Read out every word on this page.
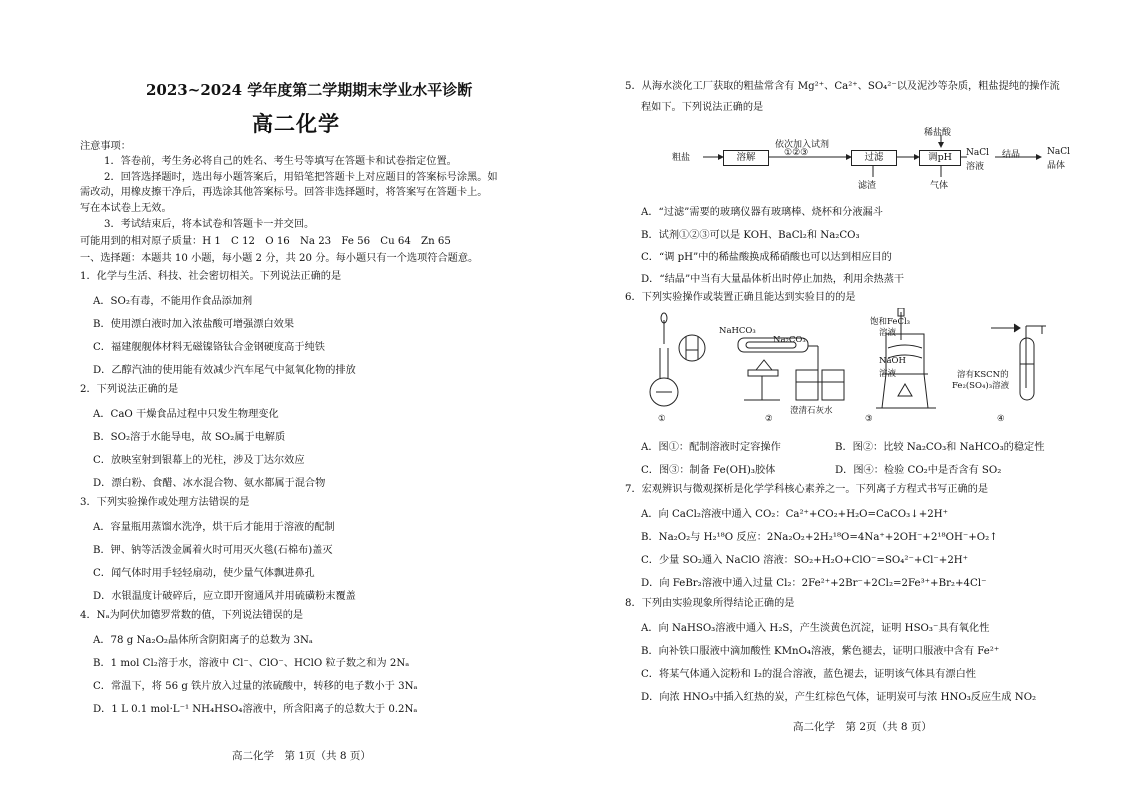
2023~2024 学年度第二学期期末学业水平诊断
高二化学
注意事项：
1．答卷前，考生务必将自己的姓名、考生号等填写在答题卡和试卷指定位置。
2．回答选择题时，选出每小题答案后，用铅笔把答题卡上对应题目的答案标号涂黑。如
需改动，用橡皮擦干净后，再选涂其他答案标号。回答非选择题时，将答案写在答题卡上。
写在本试卷上无效。
3．考试结束后，将本试卷和答题卡一并交回。
可能用到的相对原子质量：H 1　C 12　O 16　Na 23　Fe 56　Cu 64　Zn 65
一、选择题：本题共 10 小题，每小题 2 分，共 20 分。每小题只有一个选项符合题意。
1．化学与生活、科技、社会密切相关。下列说法正确的是
A．SO₂有毒，不能用作食品添加剂
B．使用漂白液时加入浓盐酸可增强漂白效果
C．福建舰舰体材料无磁镍铬钛合金钢硬度高于纯铁
D．乙醇汽油的使用能有效减少汽车尾气中氮氧化物的排放
2．下列说法正确的是
A．CaO 干燥食品过程中只发生物理变化
B．SO₂溶于水能导电，故 SO₂属于电解质
C．放映室射到银幕上的光柱，涉及丁达尔效应
D．漂白粉、食醋、冰水混合物、氨水都属于混合物
3．下列实验操作或处理方法错误的是
A．容量瓶用蒸馏水洗净，烘干后才能用于溶液的配制
B．钾、钠等活泼金属着火时可用灭火毯(石棉布)盖灭
C．闻气体时用手轻轻扇动，使少量气体飘进鼻孔
D．水银温度计破碎后，应立即开窗通风并用硫磺粉末覆盖
4．Nₐ为阿伏加德罗常数的值，下列说法错误的是
A．78 g Na₂O₂晶体所含阴阳离子的总数为 3Nₐ
B．1 mol Cl₂溶于水，溶液中 Cl⁻、ClO⁻、HClO 粒子数之和为 2Nₐ
C．常温下，将 56 g 铁片放入过量的浓硫酸中，转移的电子数小于 3Nₐ
D．1 L 0.1 mol·L⁻¹ NH₄HSO₄溶液中，所含阳离子的总数大于 0.2Nₐ
高二化学　第 1页（共 8 页）
5．从海水淡化工厂获取的粗盐常含有 Mg²⁺、Ca²⁺、SO₄²⁻以及泥沙等杂质，粗盐提纯的操作流
程如下。下列说法正确的是
粗盐	溶解
依次加入试剂
①②③	过滤
滤渣
稀盐酸
调pH
气体
NaCl
溶液
结晶	NaCl
晶体
A．“过滤”需要的玻璃仪器有玻璃棒、烧杯和分液漏斗
B．试剂①②③可以是 KOH、BaCl₂和 Na₂CO₃
C．“调 pH”中的稀盐酸换成稀硝酸也可以达到相应目的
D．“结晶”中当有大量晶体析出时停止加热，利用余热蒸干
6．下列实验操作或装置正确且能达到实验目的的是
NaHCO₃
Na₂CO₃
澄清石灰水
饱和FeCl₃
溶液
NaOH
溶液	溶有KSCN的
Fe₂(SO₄)₃溶液
①	②	③	④
A．图①：配制溶液时定容操作	B．图②：比较 Na₂CO₃和 NaHCO₃的稳定性
C．图③：制备 Fe(OH)₃胶体	D．图④：检验 CO₂中是否含有 SO₂
7．宏观辨识与微观探析是化学学科核心素养之一。下列离子方程式书写正确的是
A．向 CaCl₂溶液中通入 CO₂：Ca²⁺+CO₂+H₂O=CaCO₃↓+2H⁺
B．Na₂O₂与 H₂¹⁸O 反应：2Na₂O₂+2H₂¹⁸O=4Na⁺+2OH⁻+2¹⁸OH⁻+O₂↑
C．少量 SO₂通入 NaClO 溶液：SO₂+H₂O+ClO⁻=SO₄²⁻+Cl⁻+2H⁺
D．向 FeBr₂溶液中通入过量 Cl₂：2Fe²⁺+2Br⁻+2Cl₂=2Fe³⁺+Br₂+4Cl⁻
8．下列由实验现象所得结论正确的是
A．向 NaHSO₃溶液中通入 H₂S，产生淡黄色沉淀，证明 HSO₃⁻具有氧化性
B．向补铁口服液中滴加酸性 KMnO₄溶液，紫色褪去，证明口服液中含有 Fe²⁺
C．将某气体通入淀粉和 I₂的混合溶液，蓝色褪去，证明该气体具有漂白性
D．向浓 HNO₃中插入红热的炭，产生红棕色气体，证明炭可与浓 HNO₃反应生成 NO₂
高二化学　第 2页（共 8 页）
